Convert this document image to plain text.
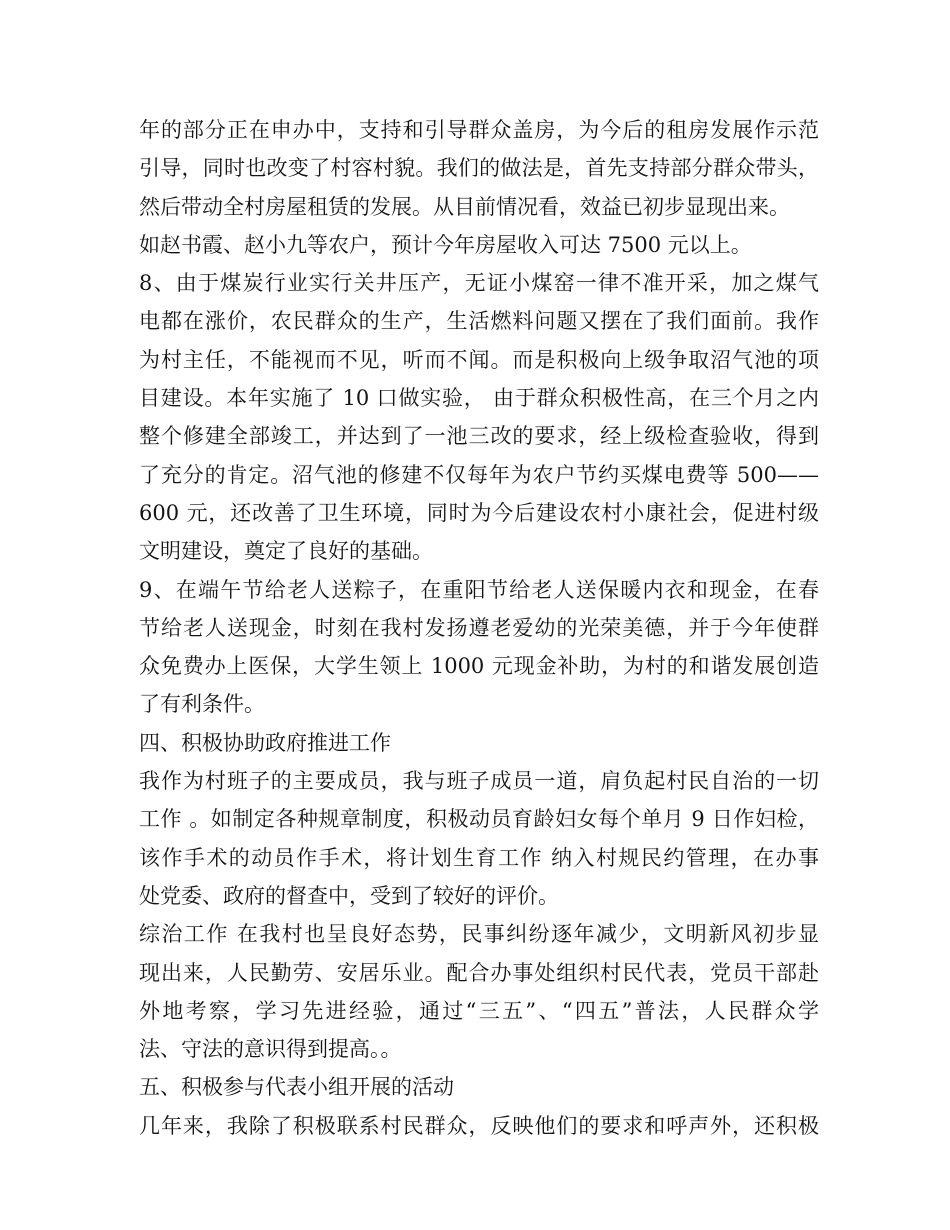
年的部分正在申办中，支持和引导群众盖房，为今后的租房发展作示范
引导，同时也改变了村容村貌。我们的做法是，首先支持部分群众带头，
然后带动全村房屋租赁的发展。从目前情况看，效益已初步显现出来。
如赵书霞、赵小九等农户，预计今年房屋收入可达 7500 元以上。
8、由于煤炭行业实行关井压产，无证小煤窑一律不准开采，加之煤气
电都在涨价，农民群众的生产，生活燃料问题又摆在了我们面前。我作
为村主任，不能视而不见，听而不闻。而是积极向上级争取沼气池的项
目建设。本年实施了 10 口做实验， 由于群众积极性高，在三个月之内
整个修建全部竣工，并达到了一池三改的要求，经上级检查验收，得到
了充分的肯定。沼气池的修建不仅每年为农户节约买煤电费等 500——
600 元，还改善了卫生环境，同时为今后建设农村小康社会，促进村级
文明建设，奠定了良好的基础。
9、在端午节给老人送粽子，在重阳节给老人送保暖内衣和现金，在春
节给老人送现金，时刻在我村发扬遵老爱幼的光荣美德，并于今年使群
众免费办上医保，大学生领上 1000 元现金补助，为村的和谐发展创造
了有利条件。
四、积极协助政府推进工作
我作为村班子的主要成员，我与班子成员一道，肩负起村民自治的一切
工作 。如制定各种规章制度，积极动员育龄妇女每个单月 9 日作妇检，
该作手术的动员作手术，将计划生育工作 纳入村规民约管理，在办事
处党委、政府的督查中，受到了较好的评价。
综治工作 在我村也呈良好态势，民事纠纷逐年减少，文明新风初步显
现出来，人民勤劳、安居乐业。配合办事处组织村民代表，党员干部赴
外地考察，学习先进经验，通过“三五”、“四五”普法，人民群众学
法、守法的意识得到提高。。
五、积极参与代表小组开展的活动
几年来，我除了积极联系村民群众，反映他们的要求和呼声外，还积极
